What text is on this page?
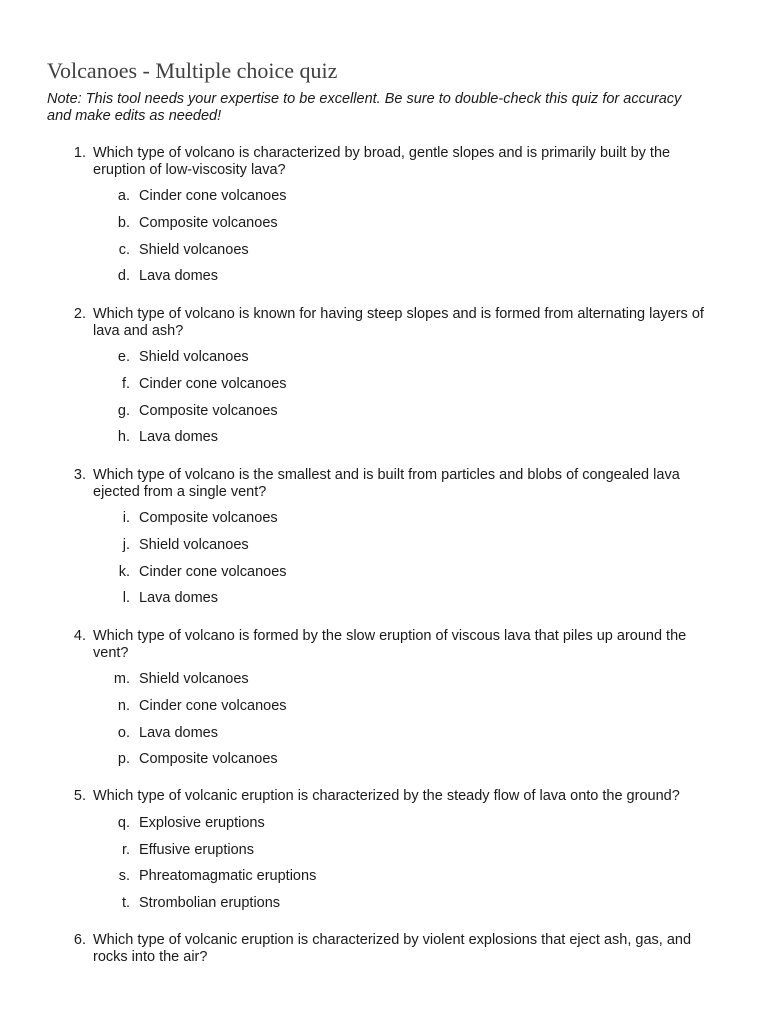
Volcanoes - Multiple choice quiz
Note: This tool needs your expertise to be excellent. Be sure to double-check this quiz for accuracy and make edits as needed!
1. Which type of volcano is characterized by broad, gentle slopes and is primarily built by the eruption of low-viscosity lava?
a. Cinder cone volcanoes
b. Composite volcanoes
c. Shield volcanoes
d. Lava domes
2. Which type of volcano is known for having steep slopes and is formed from alternating layers of lava and ash?
e. Shield volcanoes
f. Cinder cone volcanoes
g. Composite volcanoes
h. Lava domes
3. Which type of volcano is the smallest and is built from particles and blobs of congealed lava ejected from a single vent?
i. Composite volcanoes
j. Shield volcanoes
k. Cinder cone volcanoes
l. Lava domes
4. Which type of volcano is formed by the slow eruption of viscous lava that piles up around the vent?
m. Shield volcanoes
n. Cinder cone volcanoes
o. Lava domes
p. Composite volcanoes
5. Which type of volcanic eruption is characterized by the steady flow of lava onto the ground?
q. Explosive eruptions
r. Effusive eruptions
s. Phreatomagmatic eruptions
t. Strombolian eruptions
6. Which type of volcanic eruption is characterized by violent explosions that eject ash, gas, and rocks into the air?
